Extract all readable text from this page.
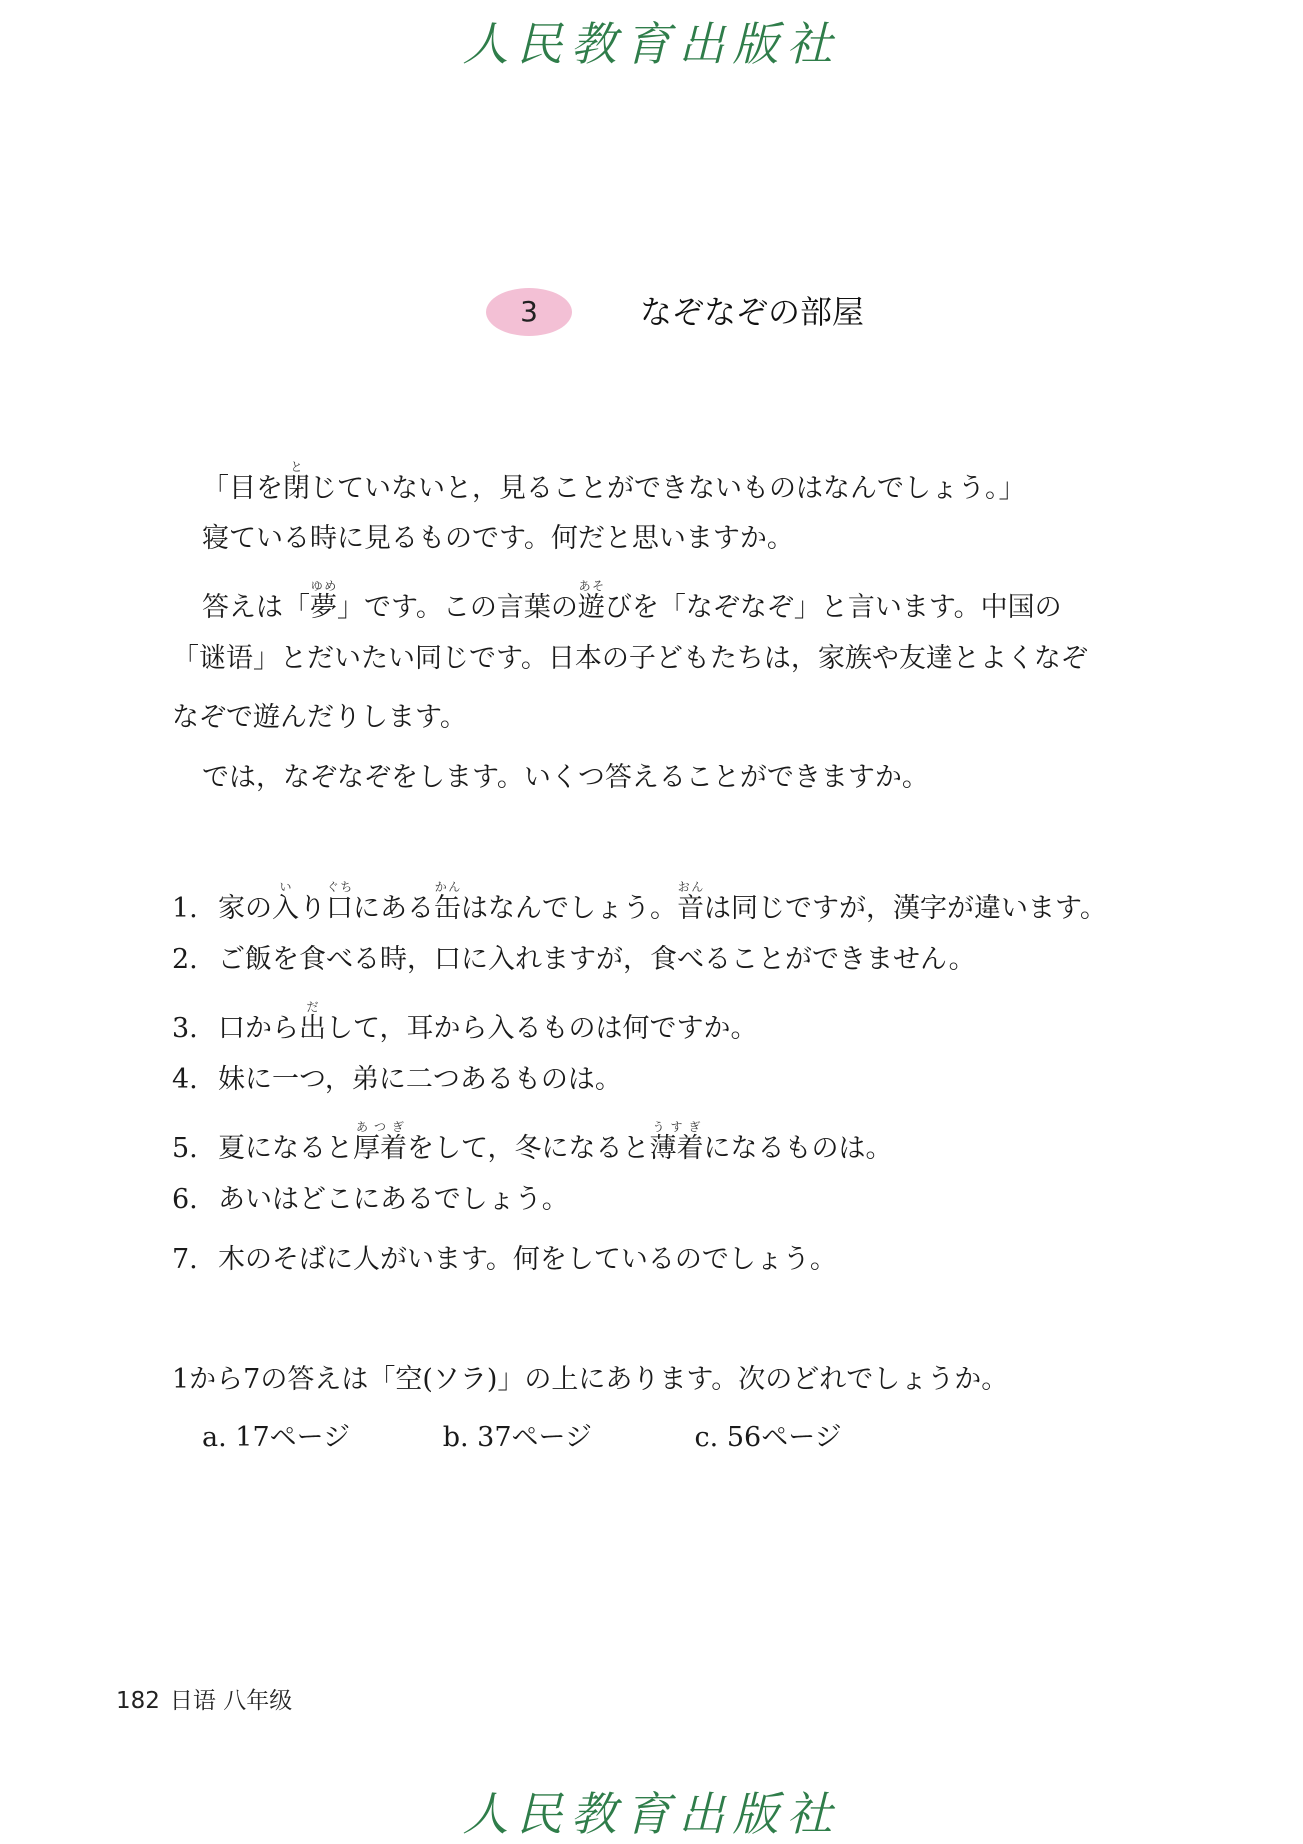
人民教育出版社
3	なぞなぞの部屋
「目を閉とじていないと，見ることができないものはなんでしょう。」
寝ている時に見るものです。何だと思いますか。
答えは「夢ゆめ」です。この言葉の遊あそびを「なぞなぞ」と言います。中国の
「谜语」とだいたい同じです。日本の子どもたちは，家族や友達とよくなぞ
なぞで遊んだりします。
では，なぞなぞをします。いくつ答えることができますか。
1. 家の入いり口ぐちにある缶かんはなんでしょう。音おんは同じですが，漢字が違います。
2. ご飯を食べる時，口に入れますが，食べることができません。
3. 口から出だして，耳から入るものは何ですか。
4. 妹に一つ，弟に二つあるものは。
5. 夏になると厚着あつぎをして，冬になると薄着うすぎになるものは。
6. あいはどこにあるでしょう。
7. 木のそばに人がいます。何をしているのでしょう。
1から7の答えは「空(ソラ)」の上にあります。次のどれでしょうか。
a. 17ページ	b. 37ページ	c. 56ページ
182 日语 八年级
人民教育出版社
